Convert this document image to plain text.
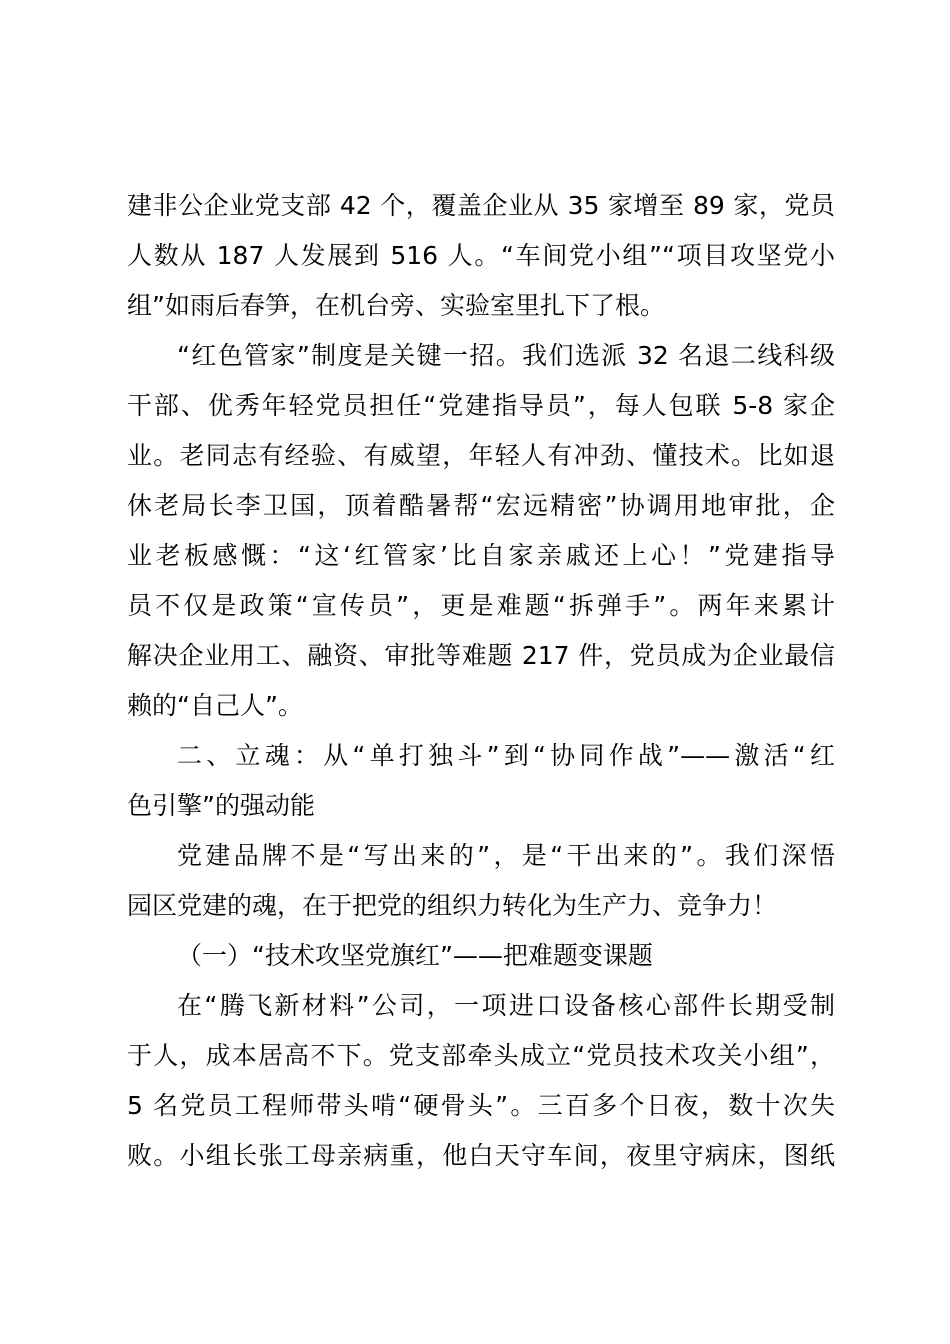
建非公企业党支部 42 个，覆盖企业从 35 家增至 89 家，党员
人数从 187 人发展到 516 人。“车间党小组”“项目攻坚党小
组”如雨后春笋，在机台旁、实验室里扎下了根。
“红色管家”制度是关键一招。我们选派 32 名退二线科级
干部、优秀年轻党员担任“党建指导员”，每人包联 5-8 家企
业。老同志有经验、有威望，年轻人有冲劲、懂技术。比如退
休老局长李卫国，顶着酷暑帮“宏远精密”协调用地审批，企
业老板感慨：“这‘红管家’比自家亲戚还上心！”党建指导
员不仅是政策“宣传员”，更是难题“拆弹手”。两年来累计
解决企业用工、融资、审批等难题 217 件，党员成为企业最信
赖的“自己人”。
二、立魂：从“单打独斗”到“协同作战”——激活“红
色引擎”的强动能
党建品牌不是“写出来的”，是“干出来的”。我们深悟
园区党建的魂，在于把党的组织力转化为生产力、竞争力！
（一）“技术攻坚党旗红”——把难题变课题
在“腾飞新材料”公司，一项进口设备核心部件长期受制
于人，成本居高不下。党支部牵头成立“党员技术攻关小组”，
5 名党员工程师带头啃“硬骨头”。三百多个日夜，数十次失
败。小组长张工母亲病重，他白天守车间，夜里守病床，图纸
